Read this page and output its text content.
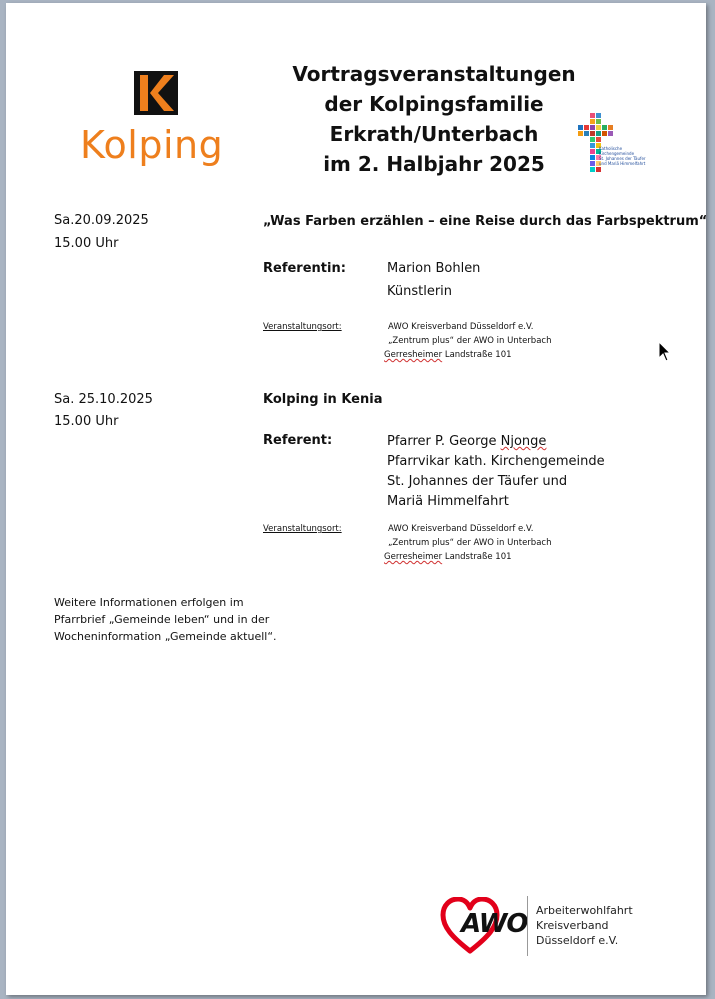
Kolping
Vortragsveranstaltungen
der Kolpingsfamilie
Erkrath/Unterbach
im 2. Halbjahr 2025
Katholische
Kirchengemeinde
St. Johannes der Täufer
und Mariä Himmelfahrt
Sa.20.09.2025
15.00 Uhr
„Was Farben erzählen – eine Reise durch das Farbspektrum“
Referentin:	Marion Bohlen
Künstlerin
Veranstaltungsort:	AWO Kreisverband Düsseldorf e.V.
„Zentrum plus“ der AWO in Unterbach
Gerresheimer Landstraße 101
Sa. 25.10.2025
15.00 Uhr
Kolping in Kenia
Referent:	Pfarrer P. George Njonge
Pfarrvikar kath. Kirchengemeinde
St. Johannes der Täufer und
Mariä Himmelfahrt
Veranstaltungsort:	AWO Kreisverband Düsseldorf e.V.
„Zentrum plus“ der AWO in Unterbach
Gerresheimer Landstraße 101
Weitere Informationen erfolgen im
Pfarrbrief „Gemeinde leben“ und in der
Wocheninformation „Gemeinde aktuell“.
AWO Arbeiterwohlfahrt
Kreisverband
Düsseldorf e.V.
